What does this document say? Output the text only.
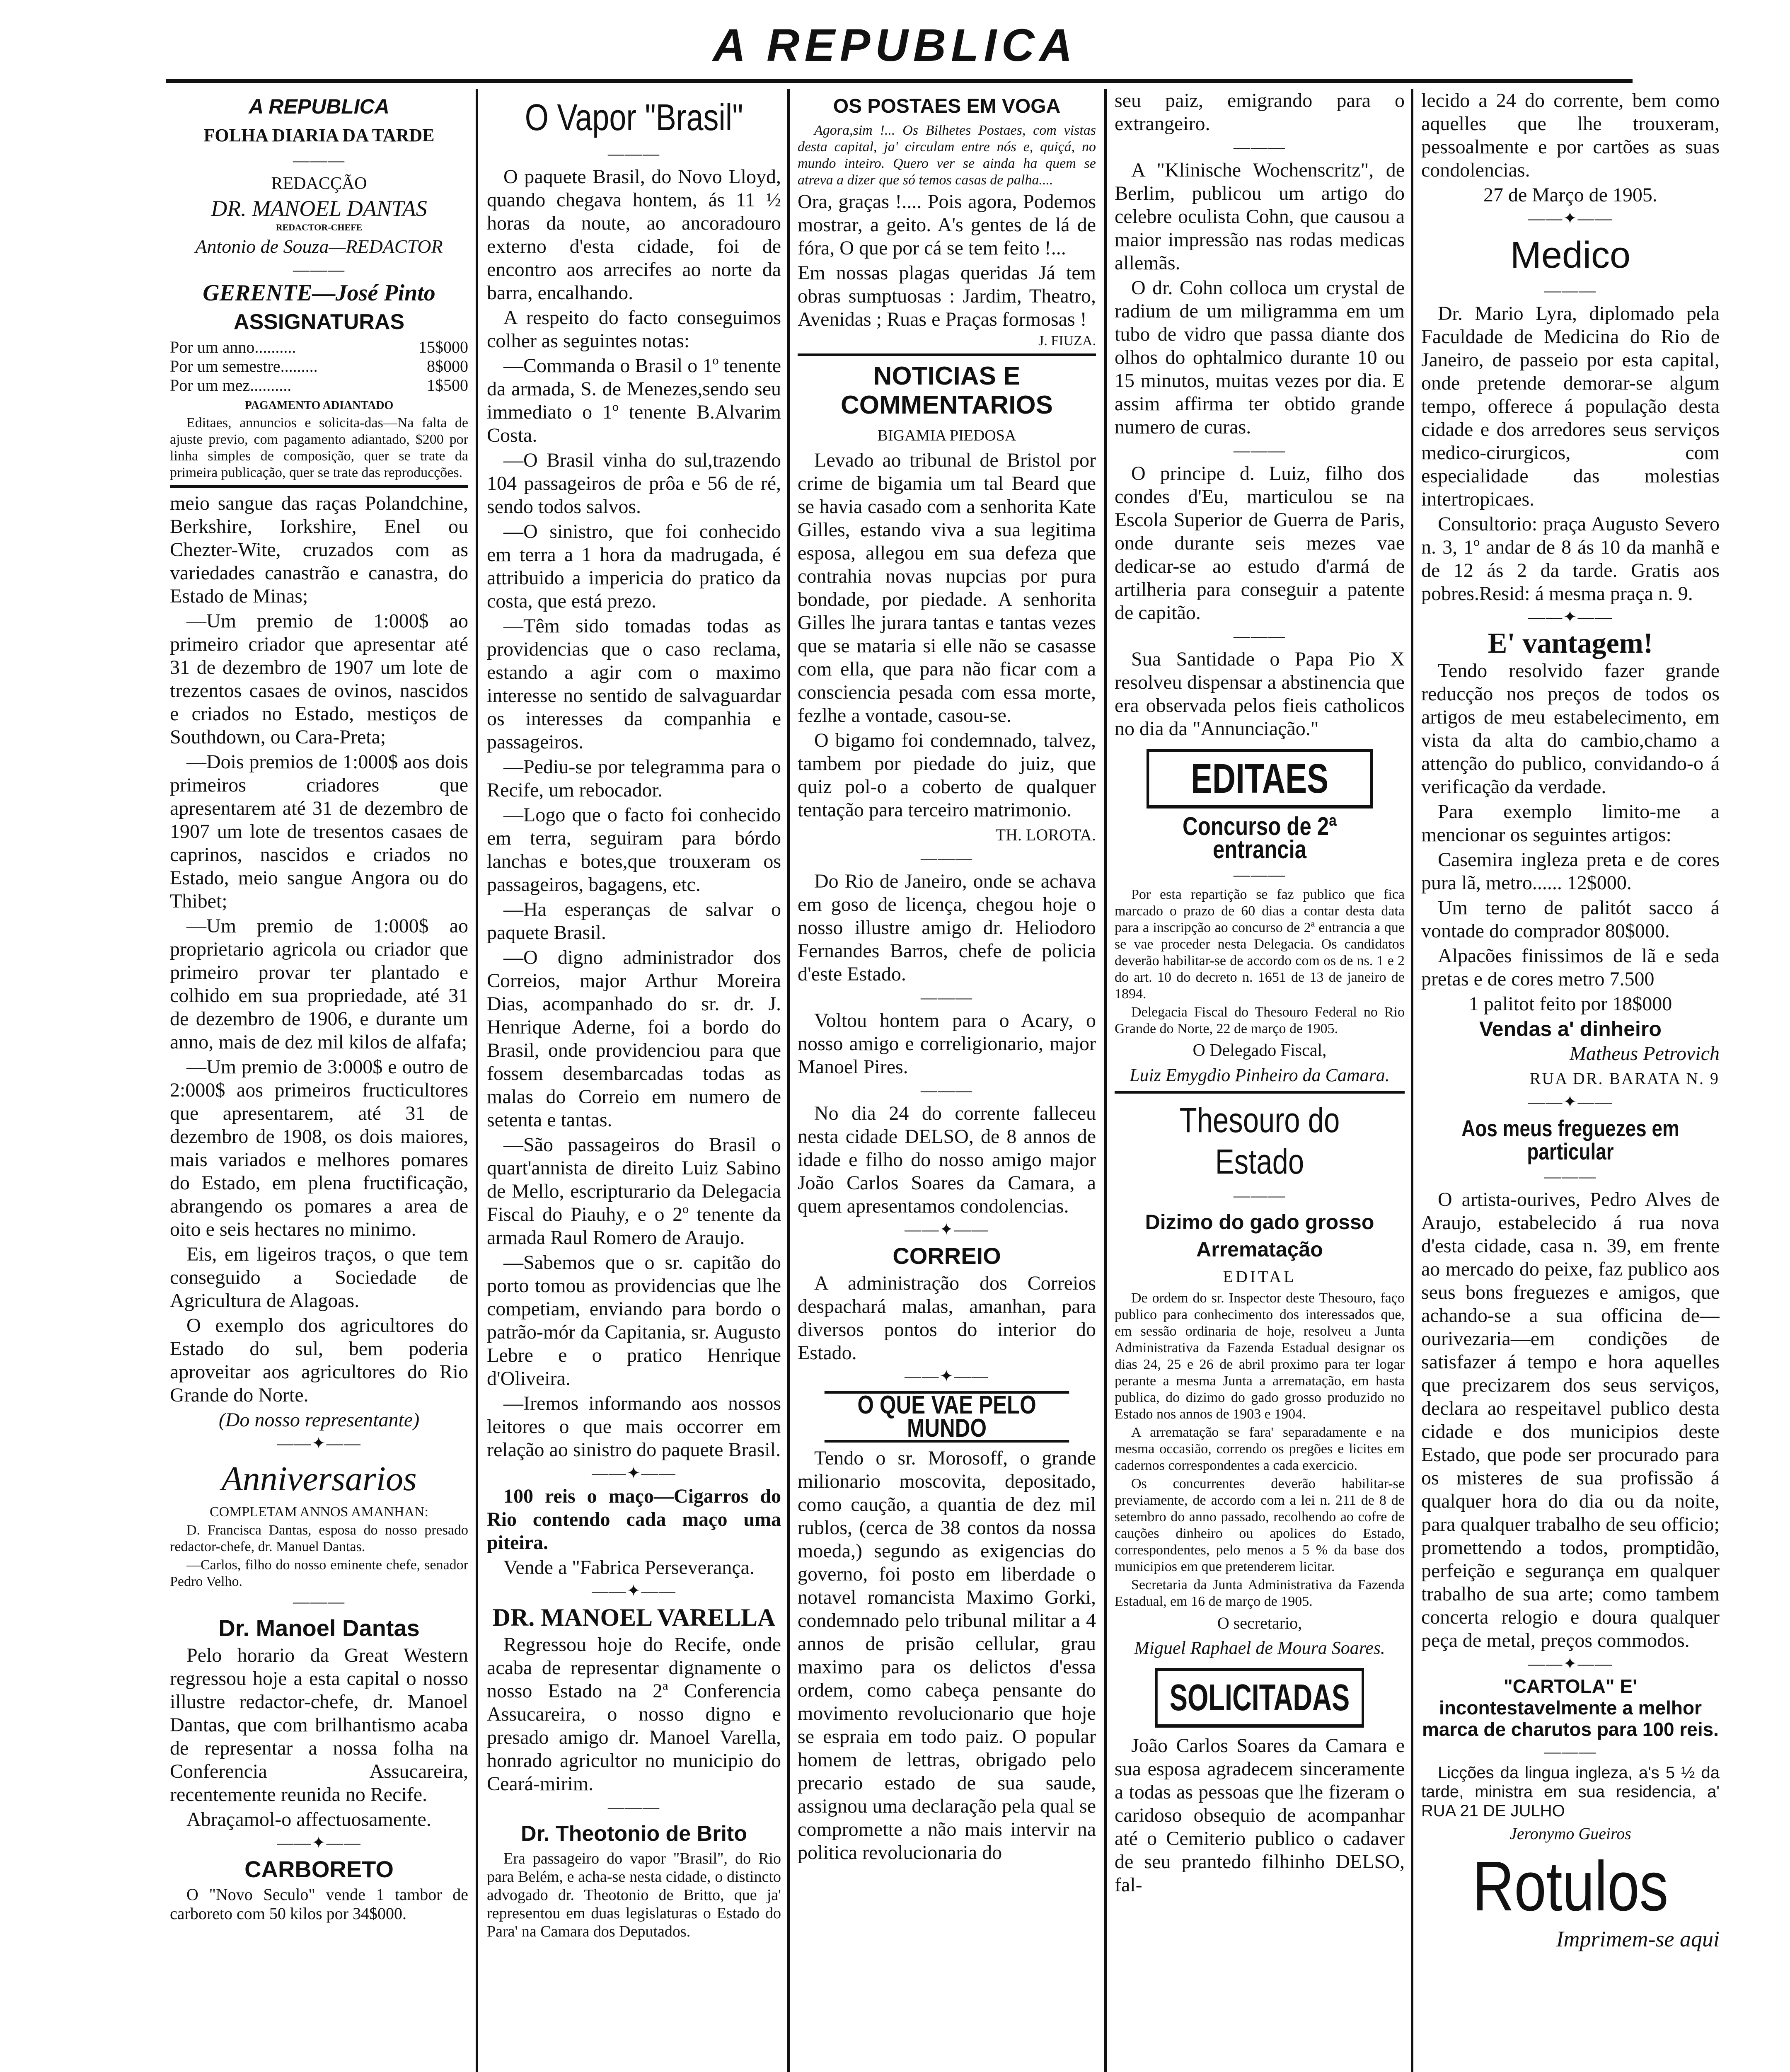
A REPUBLICA

A REPUBLICA

FOLHA DIARIA DA TARDE

———

REDACÇÃO

DR. MANOEL DANTAS

REDACTOR-CHEFE

Antonio de Souza—REDACTOR

———

GERENTE—José Pinto

ASSIGNATURAS

Por um anno..........	15$000
Por um semestre.........	8$000
Por um mez..........	1$500

PAGAMENTO ADIANTADO

Editaes, annuncios e solicita-das—Na falta de ajuste previo, com pagamento adiantado, $200 por linha simples de composição, quer se trate da primeira publicação, quer se trate das reproducções.

meio sangue das raças Polandchine, Berkshire, Iorkshire, Enel ou Chezter-Wite, cruzados com as variedades canastrão e canastra, do Estado de Minas;

—Um premio de 1:000$ ao primeiro criador que apresentar até 31 de dezembro de 1907 um lote de trezentos casaes de ovinos, nascidos e criados no Estado, mestiços de Southdown, ou Cara-Preta;

—Dois premios de 1:000$ aos dois primeiros criadores que apresentarem até 31 de dezembro de 1907 um lote de tresentos casaes de caprinos, nascidos e criados no Estado, meio sangue Angora ou do Thibet;

—Um premio de 1:000$ ao proprietario agricola ou criador que primeiro provar ter plantado e colhido em sua propriedade, até 31 de dezembro de 1906, e durante um anno, mais de dez mil kilos de alfafa;

—Um premio de 3:000$ e outro de 2:000$ aos primeiros fructicultores que apresentarem, até 31 de dezembro de 1908, os dois maiores, mais variados e melhores pomares do Estado, em plena fructificação, abrangendo os pomares a area de oito e seis hectares no minimo.

Eis, em ligeiros traços, o que tem conseguido a Sociedade de Agricultura de Alagoas.

O exemplo dos agricultores do Estado do sul, bem poderia aproveitar aos agricultores do Rio Grande do Norte.

(Do nosso representante)

——✦——

Anniversarios

COMPLETAM ANNOS AMANHAN:

D. Francisca Dantas, esposa do nosso presado redactor-chefe, dr. Manuel Dantas.

—Carlos, filho do nosso eminente chefe, senador Pedro Velho.

———

Dr. Manoel Dantas

Pelo horario da Great Western regressou hoje a esta capital o nosso illustre redactor-chefe, dr. Manoel Dantas, que com brilhantismo acaba de representar a nossa folha na Conferencia Assucareira, recentemente reunida no Recife.

Abraçamol-o affectuosamente.

——✦——

CARBORETO

O "Novo Seculo" vende 1 tambor de carboreto com 50 kilos por 34$000.

O Vapor "Brasil"

———

O paquete Brasil, do Novo Lloyd, quando chegava hontem, ás 11 ½ horas da noute, ao ancoradouro externo d'esta cidade, foi de encontro aos arrecifes ao norte da barra, encalhando.

A respeito do facto conseguimos colher as seguintes notas:

—Commanda o Brasil o 1º tenente da armada, S. de Menezes,sendo seu immediato o 1º tenente B.Alvarim Costa.

—O Brasil vinha do sul,trazendo 104 passageiros de prôa e 56 de ré, sendo todos salvos.

—O sinistro, que foi conhecido em terra a 1 hora da madrugada, é attribuido a impericia do pratico da costa, que está prezo.

—Têm sido tomadas todas as providencias que o caso reclama, estando a agir com o maximo interesse no sentido de salvaguardar os interesses da companhia e passageiros.

—Pediu-se por telegramma para o Recife, um rebocador.

—Logo que o facto foi conhecido em terra, seguiram para bórdo lanchas e botes,que trouxeram os passageiros, bagagens, etc.

—Ha esperanças de salvar o paquete Brasil.

—O digno administrador dos Correios, major Arthur Moreira Dias, acompanhado do sr. dr. J. Henrique Aderne, foi a bordo do Brasil, onde providenciou para que fossem desembarcadas todas as malas do Correio em numero de setenta e tantas.

—São passageiros do Brasil o quart'annista de direito Luiz Sabino de Mello, escripturario da Delegacia Fiscal do Piauhy, e o 2º tenente da armada Raul Romero de Araujo.

—Sabemos que o sr. capitão do porto tomou as providencias que lhe competiam, enviando para bordo o patrão-mór da Capitania, sr. Augusto Lebre e o pratico Henrique d'Oliveira.

—Iremos informando aos nossos leitores o que mais occorrer em relação ao sinistro do paquete Brasil.

——✦——

100 reis o maço—Cigarros do Rio contendo cada maço uma piteira.

Vende a "Fabrica Perseverança.

——✦——

DR. MANOEL VARELLA

Regressou hoje do Recife, onde acaba de representar dignamente o nosso Estado na 2ª Conferencia Assucareira, o nosso digno e presado amigo dr. Manoel Varella, honrado agricultor no municipio do Ceará-mirim.

———

Dr. Theotonio de Brito

Era passageiro do vapor "Brasil", do Rio para Belém, e acha-se nesta cidade, o distincto advogado dr. Theotonio de Britto, que ja' representou em duas legislaturas o Estado do Para' na Camara dos Deputados.

OS POSTAES EM VOGA

Agora,sim !... Os Bilhetes Postaes, com vistas desta capital, ja' circulam entre nós e, quiçá, no mundo inteiro. Quero ver se ainda ha quem se atreva a dizer que só temos casas de palha....

Ora, graças !.... Pois agora, Podemos mostrar, a geito. A's gentes de lá de fóra, O que por cá se tem feito !...

Em nossas plagas queridas Já tem obras sumptuosas : Jardim, Theatro, Avenidas ; Ruas e Praças formosas !

J. FIUZA.

NOTICIAS E COMMENTARIOS

BIGAMIA PIEDOSA

Levado ao tribunal de Bristol por crime de bigamia um tal Beard que se havia casado com a senhorita Kate Gilles, estando viva a sua legitima esposa, allegou em sua defeza que contrahia novas nupcias por pura bondade, por piedade. A senhorita Gilles lhe jurara tantas e tantas vezes que se mataria si elle não se casasse com ella, que para não ficar com a consciencia pesada com essa morte, fezlhe a vontade, casou-se.

O bigamo foi condemnado, talvez, tambem por piedade do juiz, que quiz pol-o a coberto de qualquer tentação para terceiro matrimonio.

TH. LOROTA.

———

Do Rio de Janeiro, onde se achava em goso de licença, chegou hoje o nosso illustre amigo dr. Heliodoro Fernandes Barros, chefe de policia d'este Estado.

———

Voltou hontem para o Acary, o nosso amigo e correligionario, major Manoel Pires.

———

No dia 24 do corrente falleceu nesta cidade DELSO, de 8 annos de idade e filho do nosso amigo major João Carlos Soares da Camara, a quem apresentamos condolencias.

——✦——

CORREIO

A administração dos Correios despachará malas, amanhan, para diversos pontos do interior do Estado.

——✦——

O QUE VAE PELO MUNDO

Tendo o sr. Morosoff, o grande milionario moscovita, depositado, como caução, a quantia de dez mil rublos, (cerca de 38 contos da nossa moeda,) segundo as exigencias do governo, foi posto em liberdade o notavel romancista Maximo Gorki, condemnado pelo tribunal militar a 4 annos de prisão cellular, grau maximo para os delictos d'essa ordem, como cabeça pensante do movimento revolucionario que hoje se espraia em todo paiz. O popular homem de lettras, obrigado pelo precario estado de sua saude, assignou uma declaração pela qual se compromette a não mais intervir na politica revolucionaria do

seu paiz, emigrando para o extrangeiro.

———

A "Klinische Wochenscritz", de Berlim, publicou um artigo do celebre oculista Cohn, que causou a maior impressão nas rodas medicas allemãs.

O dr. Cohn colloca um crystal de radium de um miligramma em um tubo de vidro que passa diante dos olhos do ophtalmico durante 10 ou 15 minutos, muitas vezes por dia. E assim affirma ter obtido grande numero de curas.

———

O principe d. Luiz, filho dos condes d'Eu, marticulou se na Escola Superior de Guerra de Paris, onde durante seis mezes vae dedicar-se ao estudo d'armá de artilheria para conseguir a patente de capitão.

———

Sua Santidade o Papa Pio X resolveu dispensar a abstinencia que era observada pelos fieis catholicos no dia da "Annunciação."

EDITAES

Concurso de 2ª entrancia

———

Por esta repartição se faz publico que fica marcado o prazo de 60 dias a contar desta data para a inscripção ao concurso de 2ª entrancia a que se vae proceder nesta Delegacia. Os candidatos deverão habilitar-se de accordo com os de ns. 1 e 2 do art. 10 do decreto n. 1651 de 13 de janeiro de 1894.

Delegacia Fiscal do Thesouro Federal no Rio Grande do Norte, 22 de março de 1905.

O Delegado Fiscal,

Luiz Emygdio Pinheiro da Camara.

Thesouro do Estado

———

Dizimo do gado grosso

Arrematação

EDITAL

De ordem do sr. Inspector deste Thesouro, faço publico para conhecimento dos interessados que, em sessão ordinaria de hoje, resolveu a Junta Administrativa da Fazenda Estadual designar os dias 24, 25 e 26 de abril proximo para ter logar perante a mesma Junta a arrematação, em hasta publica, do dizimo do gado grosso produzido no Estado nos annos de 1903 e 1904.

A arrematação se fara' separadamente e na mesma occasião, correndo os pregões e licites em cadernos correspondentes a cada exercicio.

Os concurrentes deverão habilitar-se previamente, de accordo com a lei n. 211 de 8 de setembro do anno passado, recolhendo ao cofre de cauções dinheiro ou apolices do Estado, correspondentes, pelo menos a 5 % da base dos municipios em que pretenderem licitar.

Secretaria da Junta Administrativa da Fazenda Estadual, em 16 de março de 1905.

O secretario,

Miguel Raphael de Moura Soares.

SOLICITADAS

João Carlos Soares da Camara e sua esposa agradecem sinceramente a todas as pessoas que lhe fizeram o caridoso obsequio de acompanhar até o Cemiterio publico o cadaver de seu prantedo filhinho DELSO, fal-

lecido a 24 do corrente, bem como aquelles que lhe trouxeram, pessoalmente e por cartões as suas condolencias.

27 de Março de 1905.

——✦——

Medico

———

Dr. Mario Lyra, diplomado pela Faculdade de Medicina do Rio de Janeiro, de passeio por esta capital, onde pretende demorar-se algum tempo, offerece á população desta cidade e dos arredores seus serviços medico-cirurgicos, com especialidade das molestias intertropicaes.

Consultorio: praça Augusto Severo n. 3, 1º andar de 8 ás 10 da manhã e de 12 ás 2 da tarde. Gratis aos pobres.Resid: á mesma praça n. 9.

——✦——

E' vantagem!

Tendo resolvido fazer grande reducção nos preços de todos os artigos de meu estabelecimento, em vista da alta do cambio,chamo a attenção do publico, convidando-o á verificação da verdade.

Para exemplo limito-me a mencionar os seguintes artigos:

Casemira ingleza preta e de cores pura lã, metro...... 12$000.

Um terno de palitót sacco á vontade do comprador 80$000.

Alpacões finissimos de lã e seda pretas e de cores metro 7.500

1 palitot feito por 18$000

Vendas a' dinheiro

Matheus Petrovich

RUA DR. BARATA N. 9

——✦——

Aos meus freguezes em particular

———

O artista-ourives, Pedro Alves de Araujo, estabelecido á rua nova d'esta cidade, casa n. 39, em frente ao mercado do peixe, faz publico aos seus bons freguezes e amigos, que achando-se a sua officina de—ourivezaria—em condições de satisfazer á tempo e hora aquelles que precizarem dos seus serviços, declara ao respeitavel publico desta cidade e dos municipios deste Estado, que pode ser procurado para os misteres de sua profissão á qualquer hora do dia ou da noite, para qualquer trabalho de seu officio; promettendo a todos, promptidão, perfeição e segurança em qualquer trabalho de sua arte; como tambem concerta relogio e doura qualquer peça de metal, preços commodos.

——✦——

"CARTOLA" E' incontestavelmente a melhor marca de charutos para 100 reis.

———

Licções da lingua ingleza, a's 5 ½ da tarde, ministra em sua residencia, a' RUA 21 DE JULHO

Jeronymo Gueiros

Rotulos

Imprimem-se aqui
